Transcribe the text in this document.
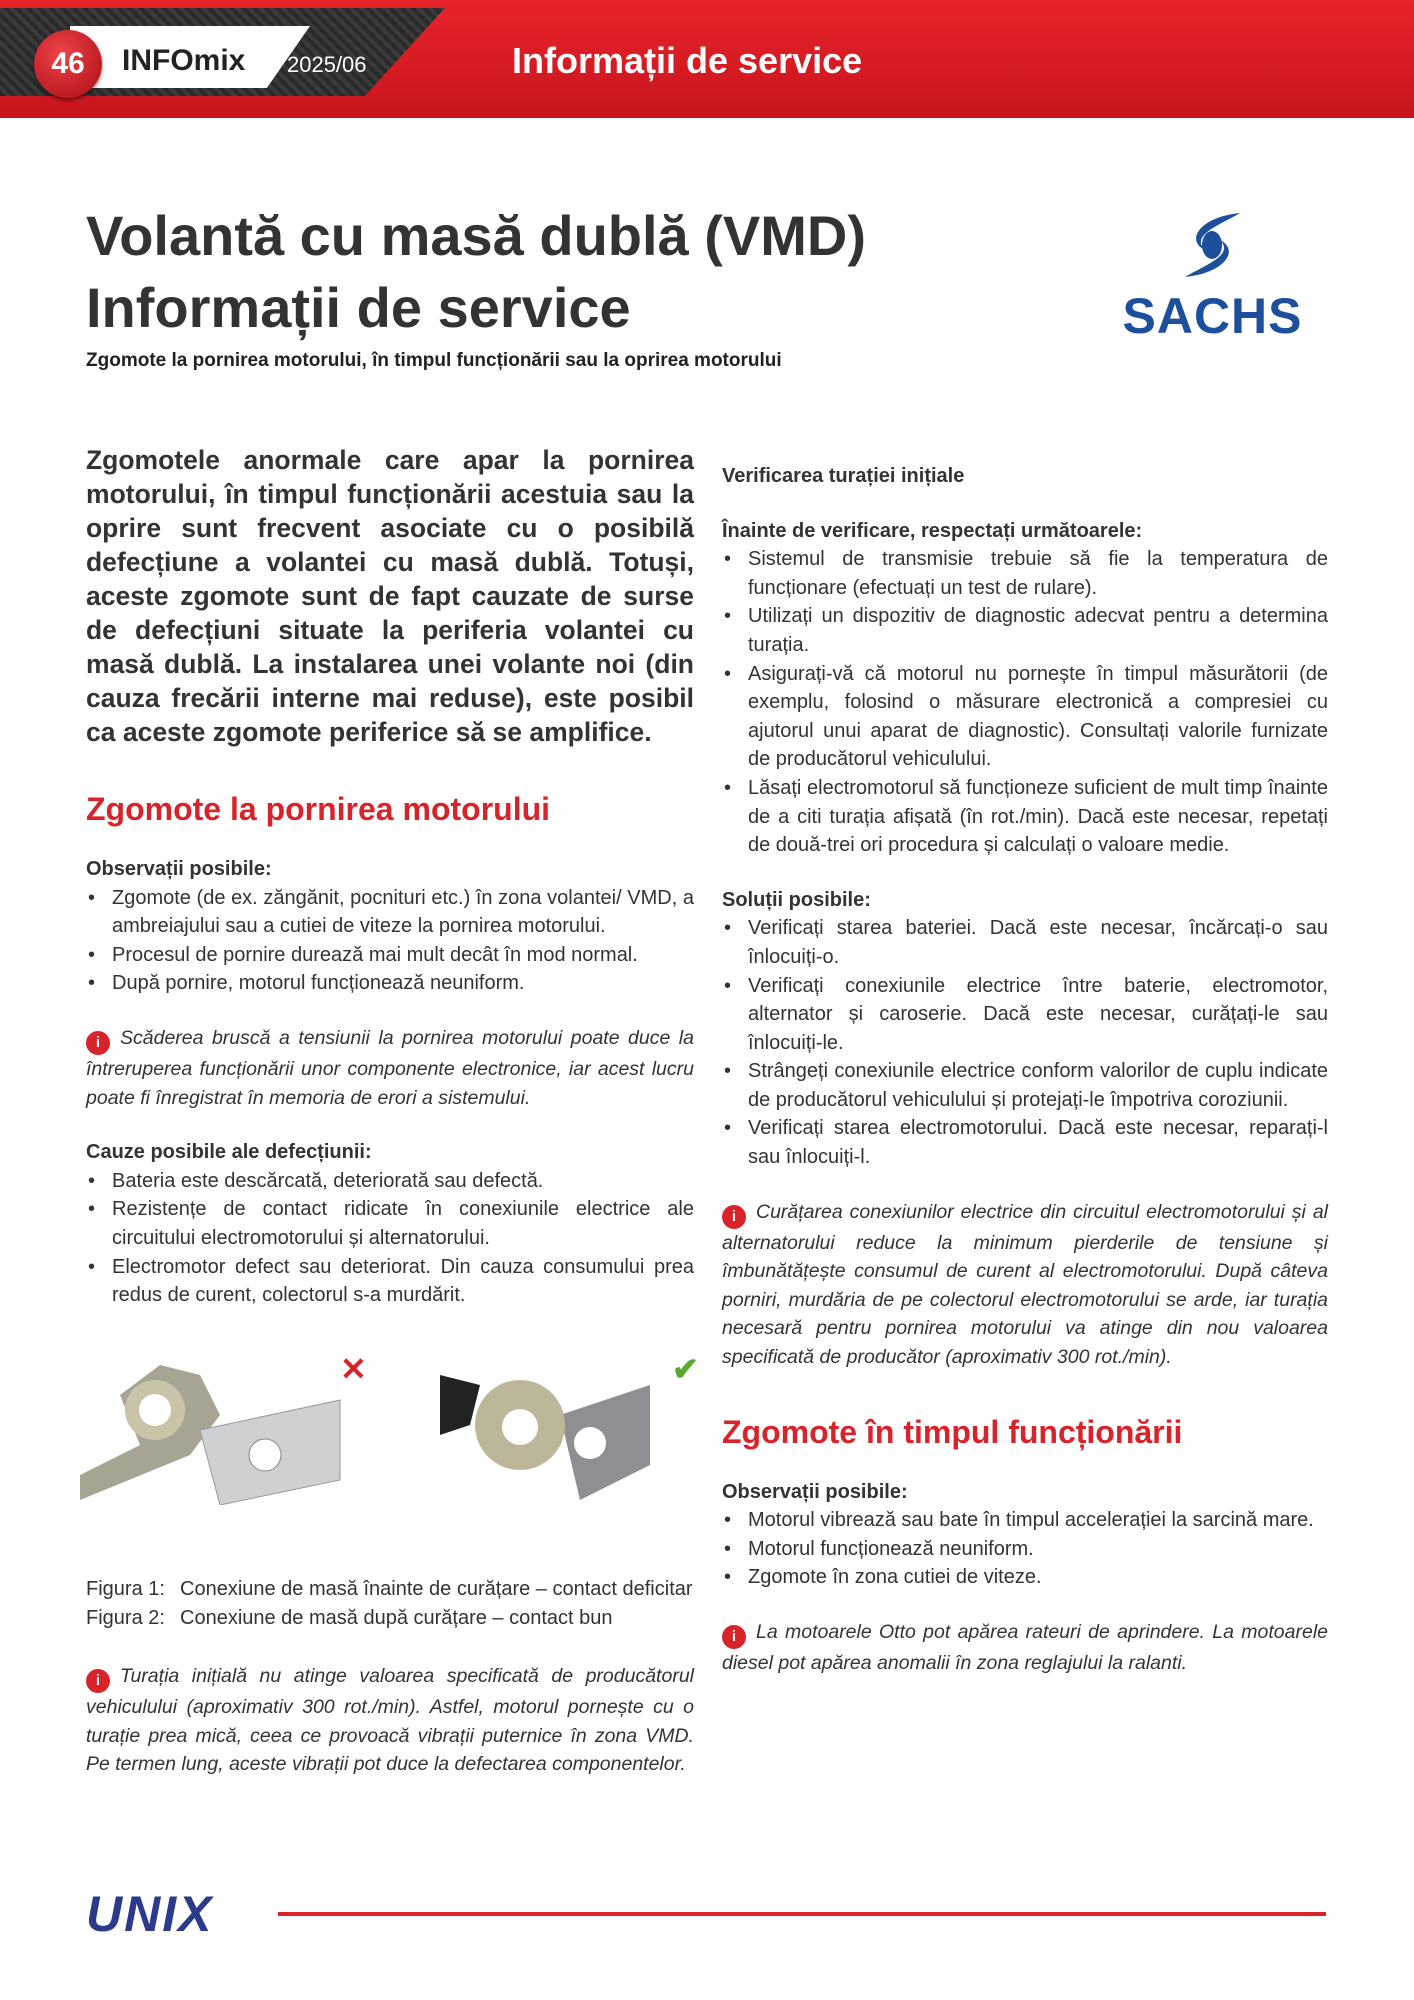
46	INFOmix 2025/06	Informații de service
Volantă cu masă dublă (VMD)
Informații de service
Zgomote la pornirea motorului, în timpul funcționării sau la oprirea motorului
SACHS

Zgomotele anormale care apar la pornirea motorului, în timpul funcționării acestuia sau la oprire sunt frecvent asociate cu o posibilă defecțiune a volantei cu masă dublă. Totuși, aceste zgomote sunt de fapt cauzate de surse de defecțiuni situate la periferia volantei cu masă dublă. La instalarea unei volante noi (din cauza frecării interne mai reduse), este posibil ca aceste zgomote periferice să se amplifice.

Zgomote la pornirea motorului
Observații posibile:
• Zgomote (de ex. zăngănit, pocnituri etc.) în zona volantei/ VMD, a ambreiajului sau a cutiei de viteze la pornirea motorului.
• Procesul de pornire durează mai mult decât în mod normal.
• După pornire, motorul funcționează neuniform.

i Scăderea bruscă a tensiunii la pornirea motorului poate duce la întreruperea funcționării unor componente electronice, iar acest lucru poate fi înregistrat în memoria de erori a sistemului.

Cauze posibile ale defecțiunii:
• Bateria este descărcată, deteriorată sau defectă.
• Rezistențe de contact ridicate în conexiunile electrice ale circuitului electromotorului și alternatorului.
• Electromotor defect sau deteriorat. Din cauza consumului prea redus de curent, colectorul s-a murdărit.
✕	✔
Figura 1: Conexiune de masă înainte de curățare – contact deficitar
Figura 2: Conexiune de masă după curățare – contact bun

i Turația inițială nu atinge valoarea specificată de producătorul vehiculului (aproximativ 300 rot./min). Astfel, motorul pornește cu o turație prea mică, ceea ce provoacă vibrații puternice în zona VMD. Pe termen lung, aceste vibrații pot duce la defectarea componentelor.

Verificarea turației inițiale
Înainte de verificare, respectați următoarele:
• Sistemul de transmisie trebuie să fie la temperatura de funcționare (efectuați un test de rulare).
• Utilizați un dispozitiv de diagnostic adecvat pentru a determina turația.
• Asigurați-vă că motorul nu pornește în timpul măsurătorii (de exemplu, folosind o măsurare electronică a compresiei cu ajutorul unui aparat de diagnostic). Consultați valorile furnizate de producătorul vehiculului.
• Lăsați electromotorul să funcționeze suficient de mult timp înainte de a citi turația afișată (în rot./min). Dacă este necesar, repetați de două-trei ori procedura și calculați o valoare medie.
Soluții posibile:
• Verificați starea bateriei. Dacă este necesar, încărcați-o sau înlocuiți-o.
• Verificați conexiunile electrice între baterie, electromotor, alternator și caroserie. Dacă este necesar, curățați-le sau înlocuiți-le.
• Strângeți conexiunile electrice conform valorilor de cuplu indicate de producătorul vehiculului și protejați-le împotriva coroziunii.
• Verificați starea electromotorului. Dacă este necesar, reparați-l sau înlocuiți-l.

i Curățarea conexiunilor electrice din circuitul electromotorului și al alternatorului reduce la minimum pierderile de tensiune și îmbunătățește consumul de curent al electromotorului. După câteva porniri, murdăria de pe colectorul electromotorului se arde, iar turația necesară pentru pornirea motorului va atinge din nou valoarea specificată de producător (aproximativ 300 rot./min).

Zgomote în timpul funcționării
Observații posibile:
• Motorul vibrează sau bate în timpul accelerației la sarcină mare.
• Motorul funcționează neuniform.
• Zgomote în zona cutiei de viteze.

i La motoarele Otto pot apărea rateuri de aprindere. La motoarele diesel pot apărea anomalii în zona reglajului la ralanti.

UNIX
